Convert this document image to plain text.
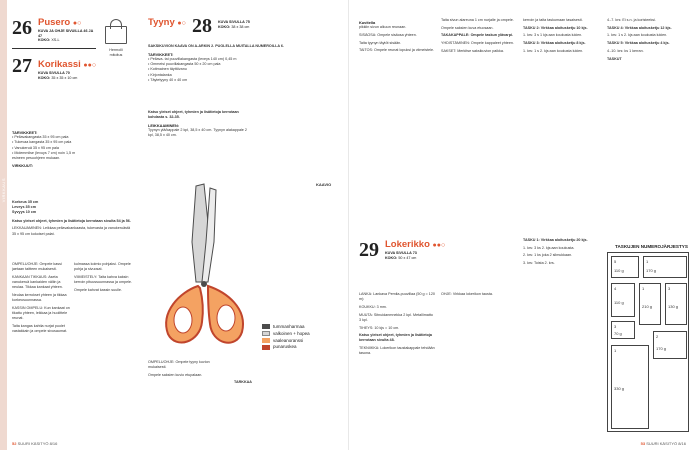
VIRKKAUS
26 Pusero ●○
KUVA JA OHJE SIVUILLA 46 JA 47
KOKO: XS-L
27 Korikassi ●●○
KUVA SIVULLA 70
KOKO: 35 x 35 x 10 cm
Hermolli
mitoitus
TARVIKKEET:
• Pellavakangasta 35 x 95 cm pala
• Tukevaa kangasta 35 x 95 cm pala
• Vanukeruä 35 x 95 cm pala
• Molemmilse (levuys 7 cm) noin 1,5 m
esineen pesuohjeen mukaan.
VIRKKUUT:
Korkeus 35 cm
Leveys 35 cm
Syvyys 10 cm

Katso yleiset ohjeet, tyhmien ja lisätietoja kerrotaan sivulta 54 ja 56.

LEKKAUAMINEN: Leikkaa pellavakankaasta, tukevasta ja vanukeruästä 35 x 95 cm kokoiset palat.

OMPELUOHJE: Ompele kassi jaetaan taitteen mukaisesti.

KANKAAN TIKKAUS: Aseta vanukeruä kankaiden väliin ja neulaa. Tikkaa kankaat yhteen.

Neulaa kerrokset yhteen ja tikkaa korkeusuunnassa.

KASSIN OMPELU: Kun kankaat on tikattu yhteen, leikkaa ja huolittele reunat.

Taita kangas kahtia nurjat puolet vastakkain ja ompele sivusaumat.

kulmassa kolmio pohjaksi. Ompele pohja ja sivuosat.

VIIMEISTELY: Taita kahva kaksin kerroin pituussuunnassa ja ompele.

Ompele kahvat kassin suulle.

Tyyny ●○ 28 KUVA SIVULLA 75
KOKO: 38 x 38 cm

SAKSIKUVION KAAVA ON A-ARKIN 2. PUOLELLA MUITALLA NUMEROILLA 6.

TARVIKKEET:
• Pellava- tai puuvillakangasta (leveys 140 cm) 0,45 m
• Ommeisi puuvillakangasta 50 x 20 cm pala
• Kotimainen täyttövanu
• Kirjontalanka
• Täytetyyny 40 x 40 cm

Katso yleiset ohjeet, tyhmien ja lisätietoja kerrotaan kohdasta s. 32-35.

LEIKKAAMINEN:

Tyynyn ylä/kappale 2 kpl, 38,5 x 40 cm. Tyynyn alakappale 2 kpl, 38,5 x 40 cm.

KAAVIO
tummanharmaa
valkoinen + hopea
vaaleanoranssi
punaruskea

OMPELUOHJE: Ompele tyyny kuvion mukaisesti.

Ompele saksien kuvio etupalaan.

TARKKAA
52 SUURI KÄSITYÖ 8/16
Kuvitella

pikkiin sivun alkuun reunaan.

SISÄOSA: Ompele sisäosa yhteen.

Taita tyynyn täytöt sisään.

TAITOS: Ompele reunat lopuksi ja viimeistele.

Taita sivun alareuna 1 cm nurjalle ja ompele.

Ompele saksien kuva etuosaan.

TAKAKAPPALE: Ompele taskun ylävarpi.

YHDISTÄMINEN: Ompele kappaleet yhteen.

SAKSET: Merkitse saksikuvion paikka.

kerroin ja taita taskumaan tasaisesti.

TASKU 2: Virkkaa aloitusketju 10 kjs.

1. krs: 3 s 1 kjs:aan koukusta lukien.

TASKU 3: Virkkaa aloitusketju 8 kjs.

1. krs: 1 s 2. kjs:aan koukusta lukien.

4.-7. krs: Ei s.n. ja koristeeksi.

TASKU 4: Virkkaa aloitusketju 12 kjs.

1. krs: 1 s 2. kjs:aan koukusta lukien.

TASKU 5: Virkkaa aloitusketju 4 kjs.

4.-10. krs: ks 1 kerran.

TASKUT

29 Lokerikko ●●○
KUVA SIVULLA 73
KOKO: 50 x 47 cm

LANKA: Lankava Pemila-puuvillaa (50 g = 120 m):

KOUKKU: 3 mm.

MUUTA: Sitnuidanmnekka 2 kpl. Metallimatto 3 kpl.

TIHEYS: 10 kjs = 10 cm.

Katso yleiset ohjeet, tyhmien ja lisätietoja kerrotaan sivulta 48.

TEKNIIKKA: Lokerikon taustakappale tehdään tasona.

OHJE: Virkkaa lokerikon tausta.

TASKU 1: Virkkaa aloitusketju 20 kjs.

1. krs: 3 ks 2. kjs:aan koukusta.

2. krs: 1 ks joka 2 silmukkaan.

3. krs: Toista 2. krs.

TASKUJEN NUMEROJÄRJESTYS
5
110 g
1
170 g
4
110 g
1
210 g
3
130 g
3
70 g
2
170 g
1
330 g
53 SUURI KÄSITYÖ 8/16
